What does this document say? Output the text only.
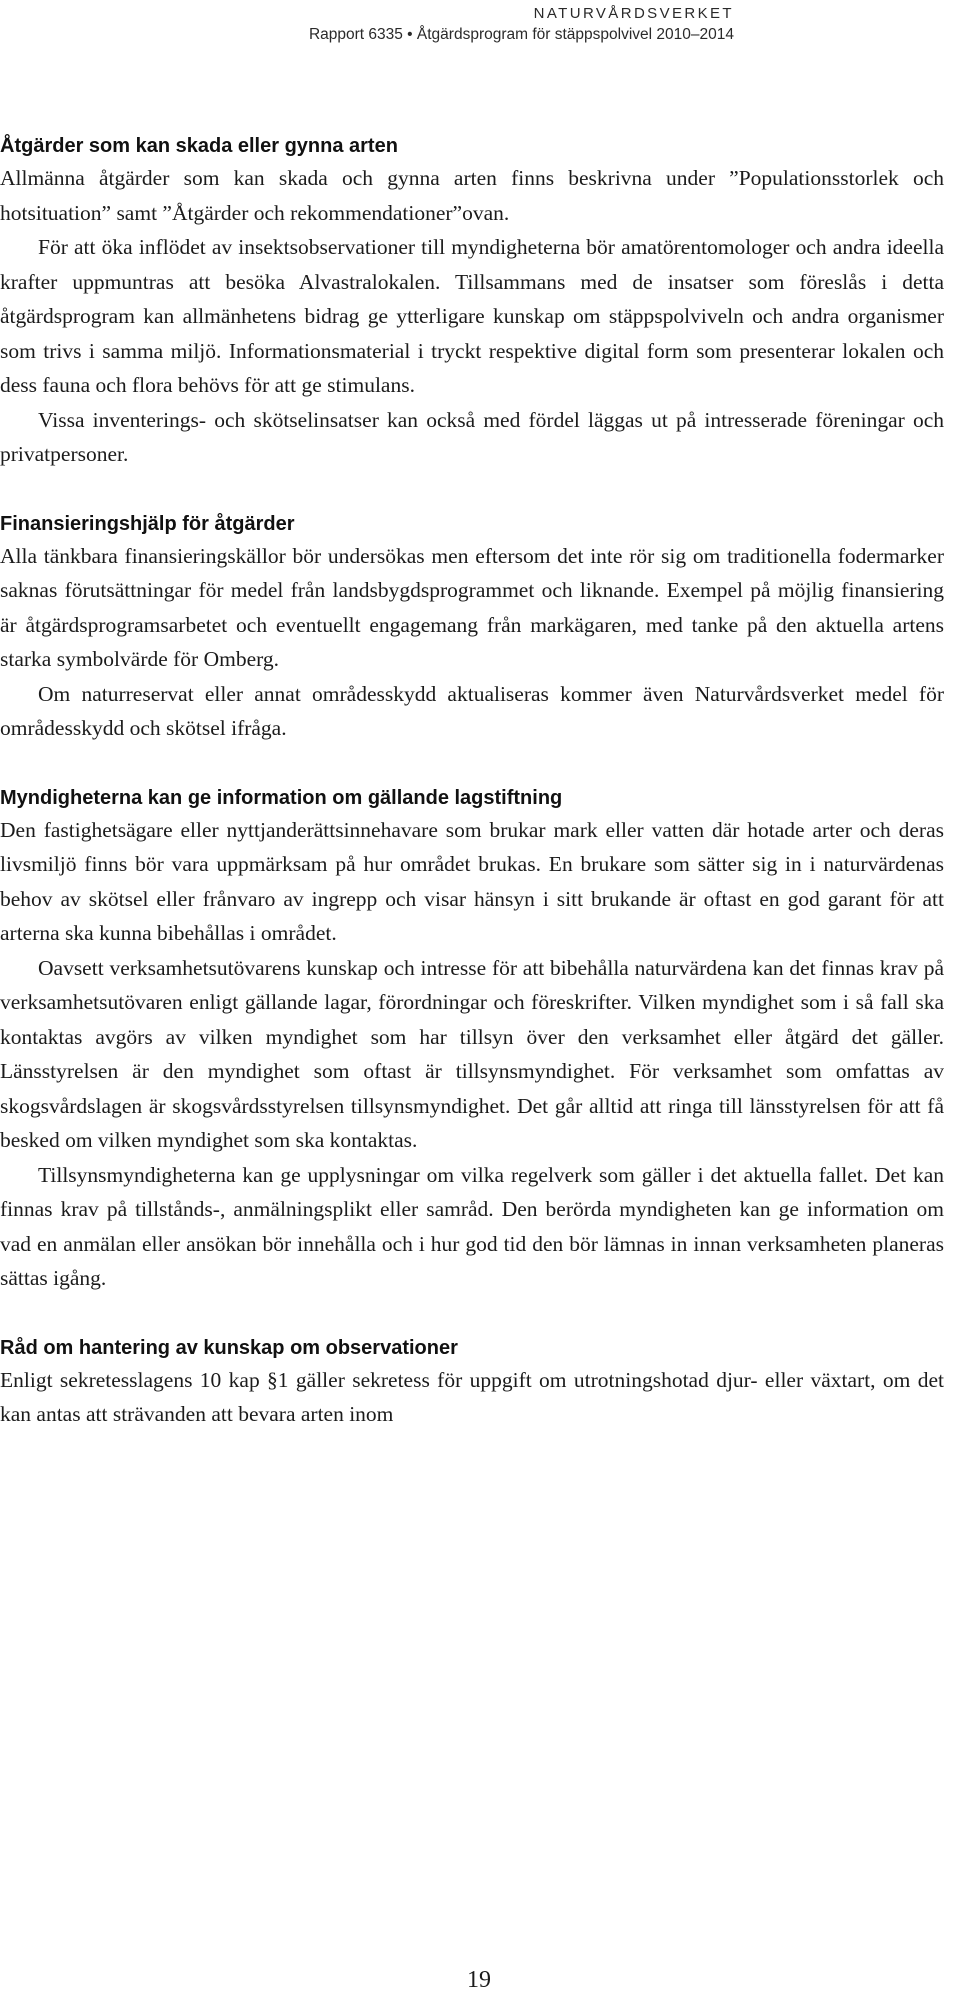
NATURVÅRDSVERKET
Rapport 6335 • Åtgärdsprogram för stäppspolvivel 2010–2014
Åtgärder som kan skada eller gynna arten

Allmänna åtgärder som kan skada och gynna arten finns beskrivna under ”Populationsstorlek och hotsituation” samt ”Åtgärder och rekommendationer”ovan.

För att öka inflödet av insektsobservationer till myndigheterna bör amatörentomologer och andra ideella krafter uppmuntras att besöka Alvastralokalen. Tillsammans med de insatser som föreslås i detta åtgärdsprogram kan allmänhetens bidrag ge ytterligare kunskap om stäppspolviveln och andra organismer som trivs i samma miljö. Informationsmaterial i tryckt respektive digital form som presenterar lokalen och dess fauna och flora behövs för att ge stimulans.

Vissa inventerings- och skötselinsatser kan också med fördel läggas ut på intresserade föreningar och privatpersoner.

Finansieringshjälp för åtgärder

Alla tänkbara finansieringskällor bör undersökas men eftersom det inte rör sig om traditionella fodermarker saknas förutsättningar för medel från landsbygdsprogrammet och liknande. Exempel på möjlig finansiering är åtgärdsprogramsarbetet och eventuellt engagemang från markägaren, med tanke på den aktuella artens starka symbolvärde för Omberg.

Om naturreservat eller annat områdesskydd aktualiseras kommer även Naturvårdsverket medel för områdesskydd och skötsel ifråga.

Myndigheterna kan ge information om gällande lagstiftning

Den fastighetsägare eller nyttjanderättsinnehavare som brukar mark eller vatten där hotade arter och deras livsmiljö finns bör vara uppmärksam på hur området brukas. En brukare som sätter sig in i naturvärdenas behov av skötsel eller frånvaro av ingrepp och visar hänsyn i sitt brukande är oftast en god garant för att arterna ska kunna bibehållas i området.

Oavsett verksamhetsutövarens kunskap och intresse för att bibehålla naturvärdena kan det finnas krav på verksamhetsutövaren enligt gällande lagar, förordningar och föreskrifter. Vilken myndighet som i så fall ska kontaktas avgörs av vilken myndighet som har tillsyn över den verksamhet eller åtgärd det gäller. Länsstyrelsen är den myndighet som oftast är tillsynsmyndighet. För verksamhet som omfattas av skogsvårdslagen är skogsvårdsstyrelsen tillsynsmyndighet. Det går alltid att ringa till länsstyrelsen för att få besked om vilken myndighet som ska kontaktas.

Tillsynsmyndigheterna kan ge upplysningar om vilka regelverk som gäller i det aktuella fallet. Det kan finnas krav på tillstånds-, anmälningsplikt eller samråd. Den berörda myndigheten kan ge information om vad en anmälan eller ansökan bör innehålla och i hur god tid den bör lämnas in innan verksamheten planeras sättas igång.

Råd om hantering av kunskap om observationer

Enligt sekretesslagens 10 kap §1 gäller sekretess för uppgift om utrotningshotad djur- eller växtart, om det kan antas att strävanden att bevara arten inom

19
